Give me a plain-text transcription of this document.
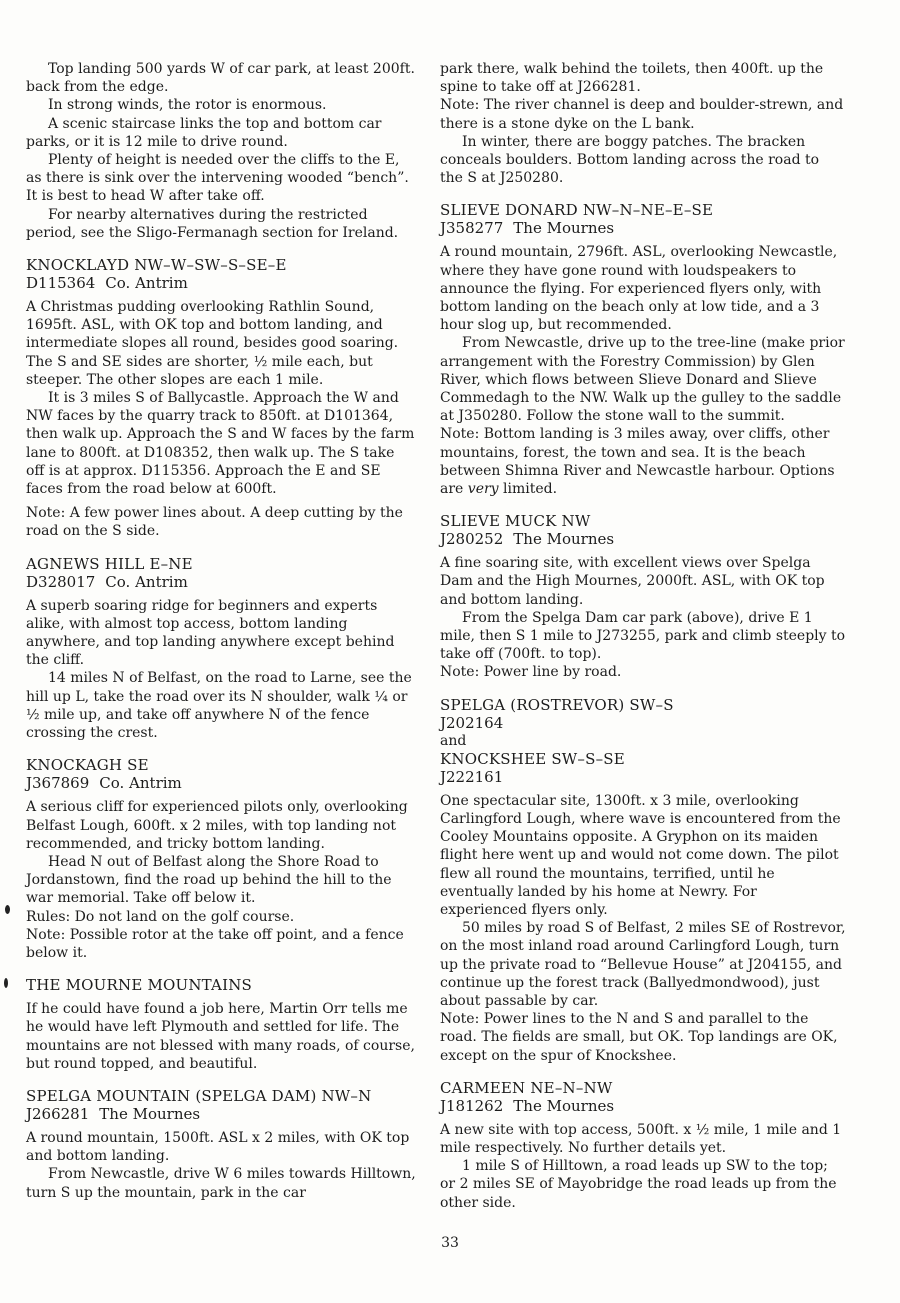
Top landing 500 yards W of car park, at least 200ft. back from the edge.

In strong winds, the rotor is enormous.

A scenic staircase links the top and bottom car parks, or it is 12 mile to drive round.

Plenty of height is needed over the cliffs to the E, as there is sink over the intervening wooded “bench”. It is best to head W after take off.

For nearby alternatives during the restricted period, see the Sligo-Fermanagh section for Ireland.

KNOCKLAYD NW–W–SW–S–SE–E
D115364 Co. Antrim

A Christmas pudding overlooking Rathlin Sound, 1695ft. ASL, with OK top and bottom landing, and intermediate slopes all round, besides good soaring. The S and SE sides are shorter, ½ mile each, but steeper. The other slopes are each 1 mile.

It is 3 miles S of Ballycastle. Approach the W and NW faces by the quarry track to 850ft. at D101364, then walk up. Approach the S and W faces by the farm lane to 800ft. at D108352, then walk up. The S take off is at approx. D115356. Approach the E and SE faces from the road below at 600ft.

Note: A few power lines about. A deep cutting by the road on the S side.

AGNEWS HILL E–NE
D328017 Co. Antrim

A superb soaring ridge for beginners and experts alike, with almost top access, bottom landing anywhere, and top landing anywhere except behind the cliff.

14 miles N of Belfast, on the road to Larne, see the hill up L, take the road over its N shoulder, walk ¼ or ½ mile up, and take off anywhere N of the fence crossing the crest.

KNOCKAGH SE
J367869 Co. Antrim

A serious cliff for experienced pilots only, overlooking Belfast Lough, 600ft. x 2 miles, with top landing not recommended, and tricky bottom landing.

Head N out of Belfast along the Shore Road to Jordanstown, find the road up behind the hill to the war memorial. Take off below it.

Rules: Do not land on the golf course.

Note: Possible rotor at the take off point, and a fence below it.

THE MOURNE MOUNTAINS

If he could have found a job here, Martin Orr tells me he would have left Plymouth and settled for life. The mountains are not blessed with many roads, of course, but round topped, and beautiful.

SPELGA MOUNTAIN (SPELGA DAM) NW–N
J266281 The Mournes

A round mountain, 1500ft. ASL x 2 miles, with OK top and bottom landing.

From Newcastle, drive W 6 miles towards Hilltown, turn S up the mountain, park in the car

park there, walk behind the toilets, then 400ft. up the spine to take off at J266281.

Note: The river channel is deep and boulder-strewn, and there is a stone dyke on the L bank.

In winter, there are boggy patches. The bracken conceals boulders. Bottom landing across the road to the S at J250280.

SLIEVE DONARD NW–N–NE–E–SE
J358277 The Mournes

A round mountain, 2796ft. ASL, overlooking Newcastle, where they have gone round with loudspeakers to announce the flying. For experienced flyers only, with bottom landing on the beach only at low tide, and a 3 hour slog up, but recommended.

From Newcastle, drive up to the tree-line (make prior arrangement with the Forestry Commission) by Glen River, which flows between Slieve Donard and Slieve Commedagh to the NW. Walk up the gulley to the saddle at J350280. Follow the stone wall to the summit.

Note: Bottom landing is 3 miles away, over cliffs, other mountains, forest, the town and sea. It is the beach between Shimna River and Newcastle harbour. Options are very limited.

SLIEVE MUCK NW
J280252 The Mournes

A fine soaring site, with excellent views over Spelga Dam and the High Mournes, 2000ft. ASL, with OK top and bottom landing.

From the Spelga Dam car park (above), drive E 1 mile, then S 1 mile to J273255, park and climb steeply to take off (700ft. to top).

Note: Power line by road.

SPELGA (ROSTREVOR) SW–S
J202164
and
KNOCKSHEE SW–S–SE
J222161

One spectacular site, 1300ft. x 3 mile, overlooking Carlingford Lough, where wave is encountered from the Cooley Mountains opposite. A Gryphon on its maiden flight here went up and would not come down. The pilot flew all round the mountains, terrified, until he eventually landed by his home at Newry. For experienced flyers only.

50 miles by road S of Belfast, 2 miles SE of Rostrevor, on the most inland road around Carlingford Lough, turn up the private road to “Bellevue House” at J204155, and continue up the forest track (Ballyedmondwood), just about passable by car.

Note: Power lines to the N and S and parallel to the road. The fields are small, but OK. Top landings are OK, except on the spur of Knockshee.

CARMEEN NE–N–NW
J181262 The Mournes

A new site with top access, 500ft. x ½ mile, 1 mile and 1 mile respectively. No further details yet.

1 mile S of Hilltown, a road leads up SW to the top; or 2 miles SE of Mayobridge the road leads up from the other side.

33
